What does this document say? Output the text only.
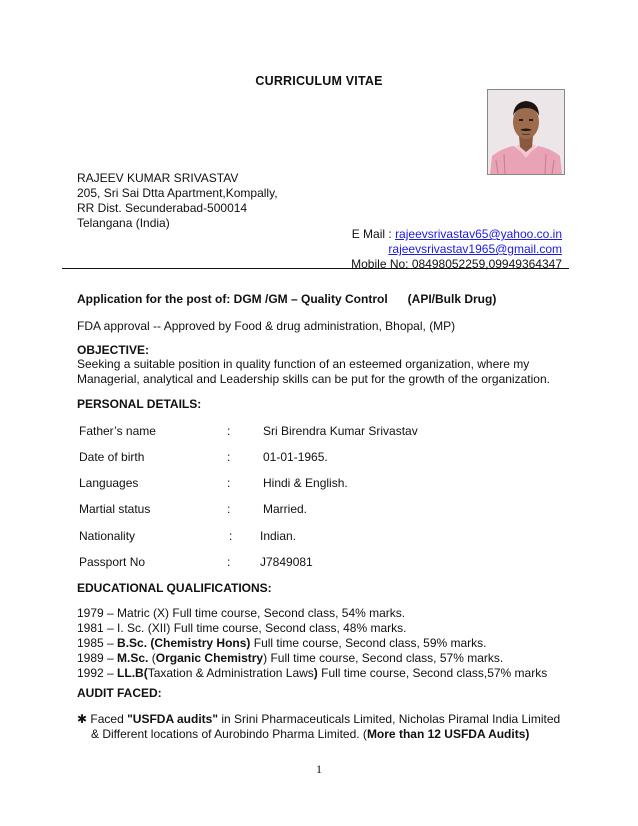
CURRICULUM VITAE
RAJEEV KUMAR SRIVASTAV
205, Sri Sai Dtta Apartment,Kompally,
RR Dist. Secunderabad-500014
Telangana (India)
E Mail : rajeevsrivastav65@yahoo.co.in
rajeevsrivastav1965@gmail.com
Mobile No: 08498052259,09949364347
Application for the post of: DGM /GM – Quality Control (API/Bulk Drug)
FDA approval -- Approved by Food & drug administration, Bhopal, (MP)
OBJECTIVE:
Seeking a suitable position in quality function of an esteemed organization, where my
Managerial, analytical and Leadership skills can be put for the growth of the organization.
PERSONAL DETAILS:
Father’s name	:	Sri Birendra Kumar Srivastav
Date of birth	:	01-01-1965.
Languages	:	Hindi & English.
Martial status	:	Married.
Nationality	: Indian.
Passport No	: J7849081
EDUCATIONAL QUALIFICATIONS:
1979 – Matric (X) Full time course, Second class, 54% marks.
1981 – I. Sc. (XII) Full time course, Second class, 48% marks.
1985 – B.Sc. (Chemistry Hons) Full time course, Second class, 59% marks.
1989 – M.Sc. (Organic Chemistry) Full time course, Second class, 57% marks.
1992 – LL.B(Taxation & Administration Laws) Full time course, Second class,57% marks
AUDIT FACED:
✱ Faced "USFDA audits" in Srini Pharmaceuticals Limited, Nicholas Piramal India Limited
& Different locations of Aurobindo Pharma Limited. (More than 12 USFDA Audits)
1
